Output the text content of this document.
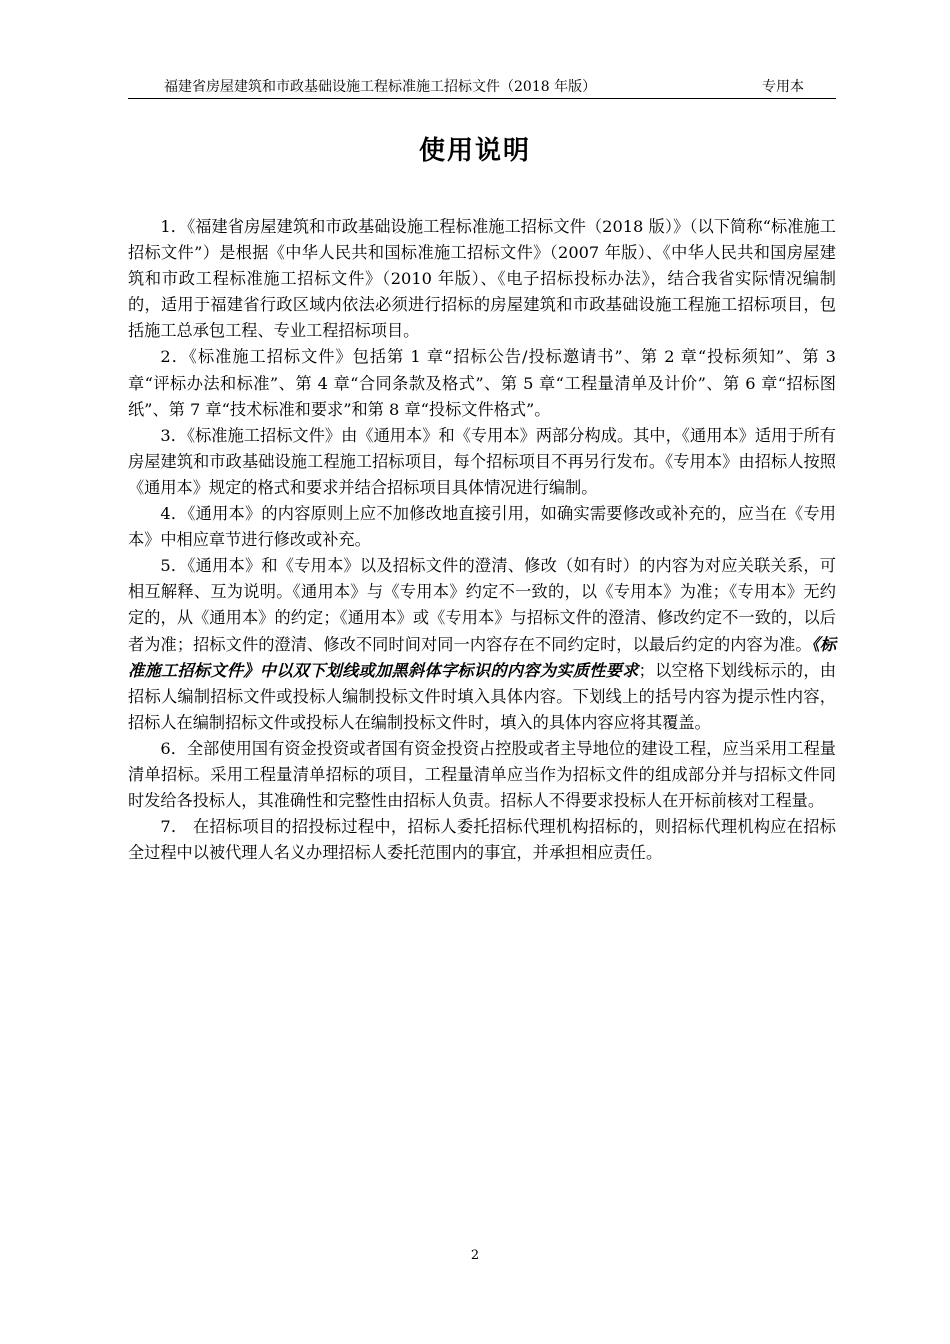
福建省房屋建筑和市政基础设施工程标准施工招标文件（2018 年版）	专用本
使用说明

1．《福建省房屋建筑和市政基础设施工程标准施工招标文件（2018 版）》（以下简称“标准施工招标文件”）是根据《中华人民共和国标准施工招标文件》（2007 年版）、《中华人民共和国房屋建筑和市政工程标准施工招标文件》（2010 年版）、《电子招标投标办法》，结合我省实际情况编制的，适用于福建省行政区域内依法必须进行招标的房屋建筑和市政基础设施工程施工招标项目，包括施工总承包工程、专业工程招标项目。

2．《标准施工招标文件》包括第 1 章“招标公告/投标邀请书”、第 2 章“投标须知”、第 3 章“评标办法和标准”、第 4 章“合同条款及格式”、第 5 章“工程量清单及计价”、第 6 章“招标图纸”、第 7 章“技术标准和要求”和第 8 章“投标文件格式”。

3．《标准施工招标文件》由《通用本》和《专用本》两部分构成。其中，《通用本》适用于所有房屋建筑和市政基础设施工程施工招标项目，每个招标项目不再另行发布。《专用本》由招标人按照《通用本》规定的格式和要求并结合招标项目具体情况进行编制。

4．《通用本》的内容原则上应不加修改地直接引用，如确实需要修改或补充的，应当在《专用本》中相应章节进行修改或补充。

5．《通用本》和《专用本》以及招标文件的澄清、修改（如有时）的内容为对应关联关系，可相互解释、互为说明。《通用本》与《专用本》约定不一致的，以《专用本》为准；《专用本》无约定的，从《通用本》的约定；《通用本》或《专用本》与招标文件的澄清、修改约定不一致的，以后者为准；招标文件的澄清、修改不同时间对同一内容存在不同约定时，以最后约定的内容为准。《标准施工招标文件》中以双下划线或加黑斜体字标识的内容为实质性要求；以空格下划线标示的，由招标人编制招标文件或投标人编制投标文件时填入具体内容。下划线上的括号内容为提示性内容，招标人在编制招标文件或投标人在编制投标文件时，填入的具体内容应将其覆盖。

6．全部使用国有资金投资或者国有资金投资占控股或者主导地位的建设工程，应当采用工程量清单招标。采用工程量清单招标的项目，工程量清单应当作为招标文件的组成部分并与招标文件同时发给各投标人，其准确性和完整性由招标人负责。招标人不得要求投标人在开标前核对工程量。

7． 在招标项目的招投标过程中，招标人委托招标代理机构招标的，则招标代理机构应在招标全过程中以被代理人名义办理招标人委托范围内的事宜，并承担相应责任。

2
